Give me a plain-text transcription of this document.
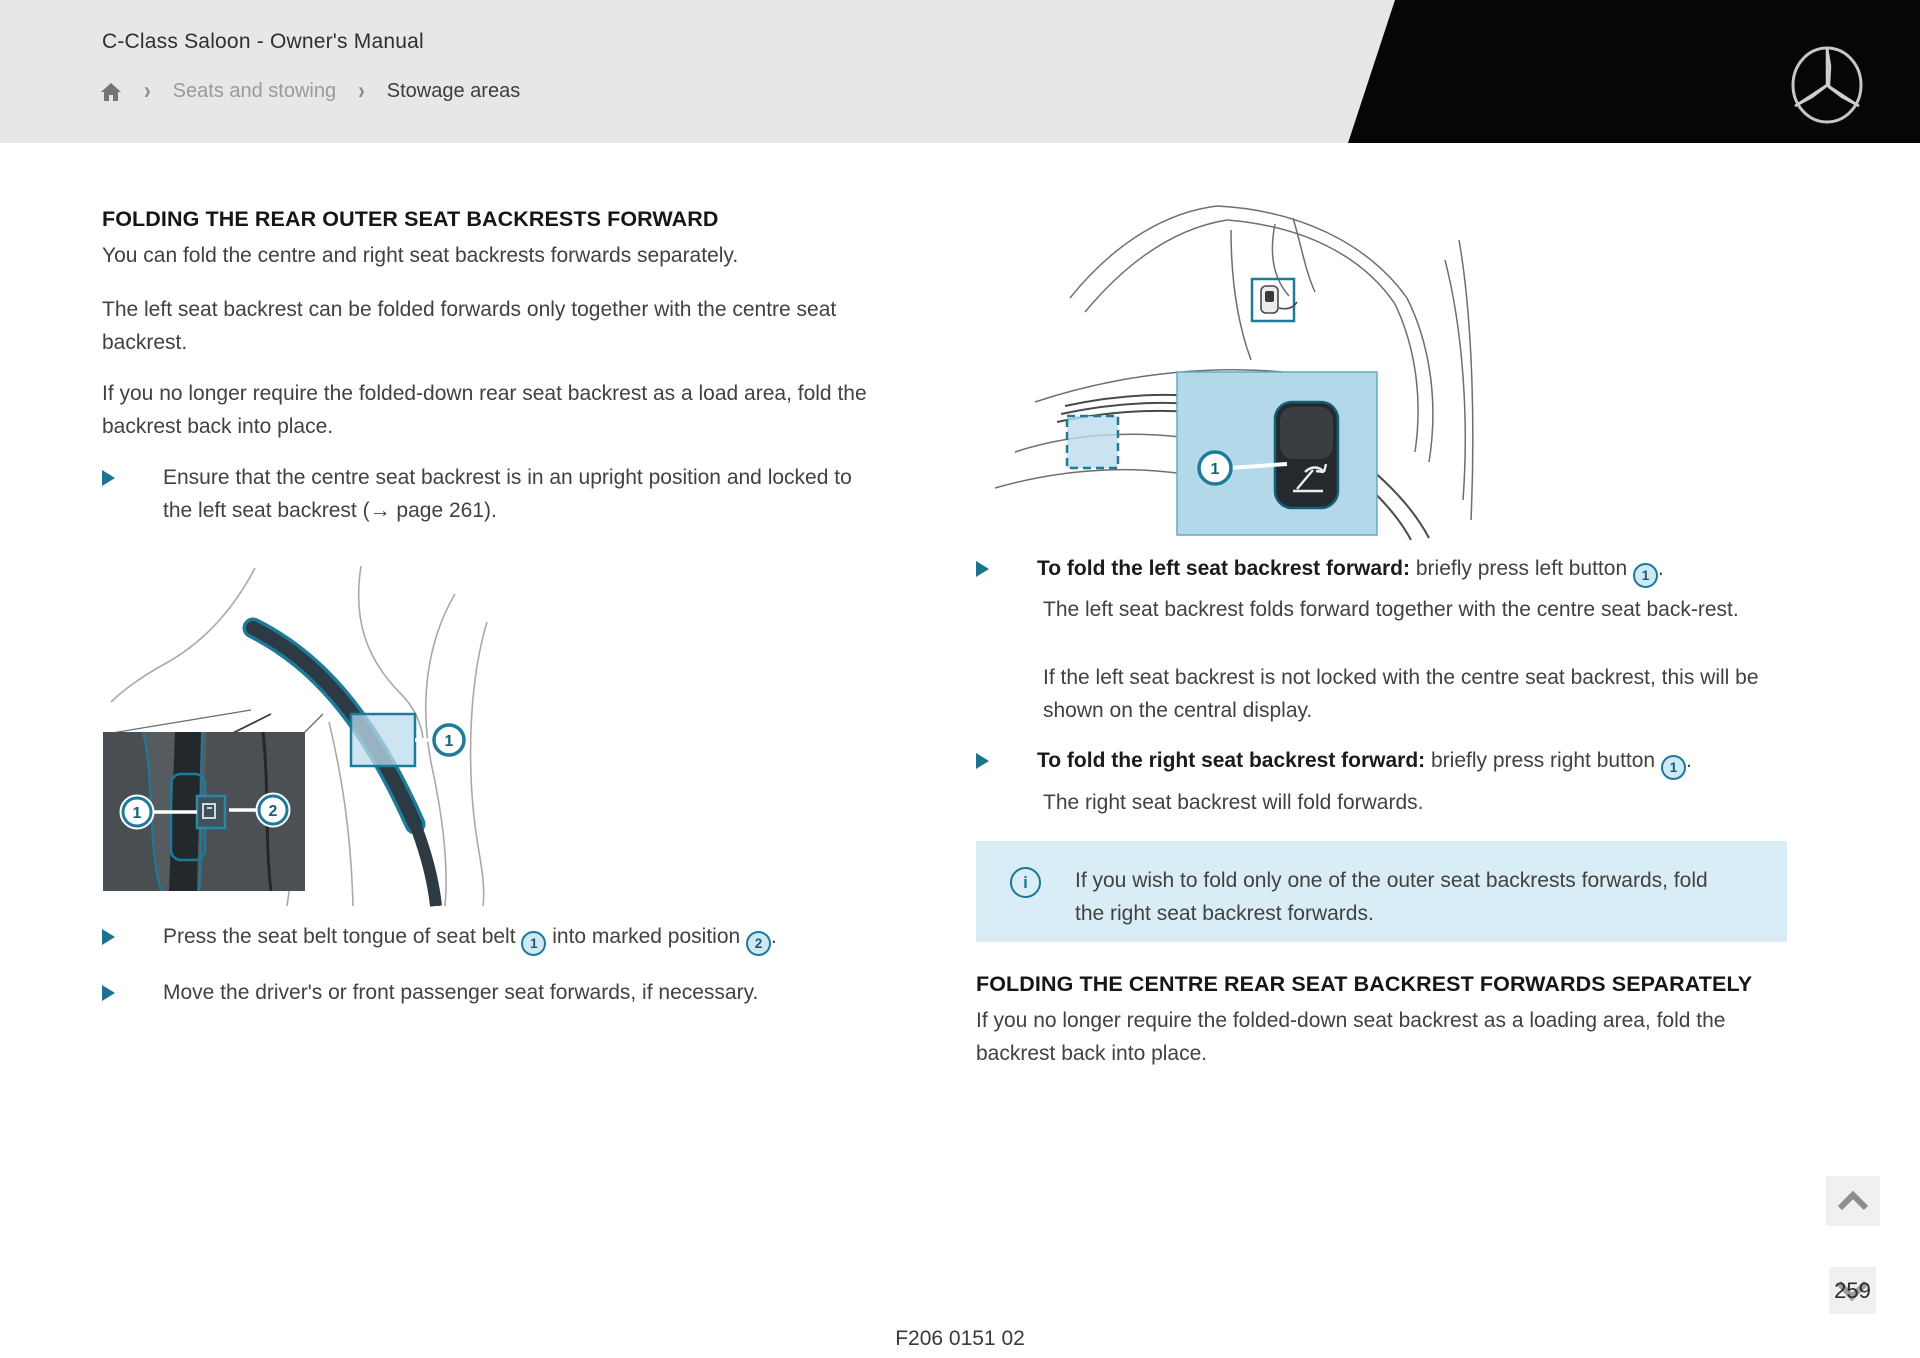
C-Class Saloon - Owner's Manual
› Seats and stowing › Stowage areas
FOLDING THE REAR OUTER SEAT BACKRESTS FORWARD
You can fold the centre and right seat backrests forwards separately.
The left seat backrest can be folded forwards only together with the centre seat backrest.
If you no longer require the folded-down rear seat backrest as a load area, fold the backrest back into place.
Ensure that the centre seat backrest is in an upright position and locked to the left seat backrest (→ page 261).
1
1	2
Press the seat belt tongue of seat belt 1 into marked position 2 .
Move the driver's or front passenger seat forwards, if necessary.
1
To fold the left seat backrest forward: briefly press left button 1 .
The left seat backrest folds forward together with the centre seat back-rest.
If the left seat backrest is not locked with the centre seat backrest, this will be shown on the central display.
To fold the right seat backrest forward: briefly press right button 1 .
The right seat backrest will fold forwards.
i	If you wish to fold only one of the outer seat backrests forwards, fold the right seat backrest forwards.
FOLDING THE CENTRE REAR SEAT BACKREST FORWARDS SEPARATELY
If you no longer require the folded-down seat backrest as a loading area, fold the backrest back into place.
F206 0151 02
259
